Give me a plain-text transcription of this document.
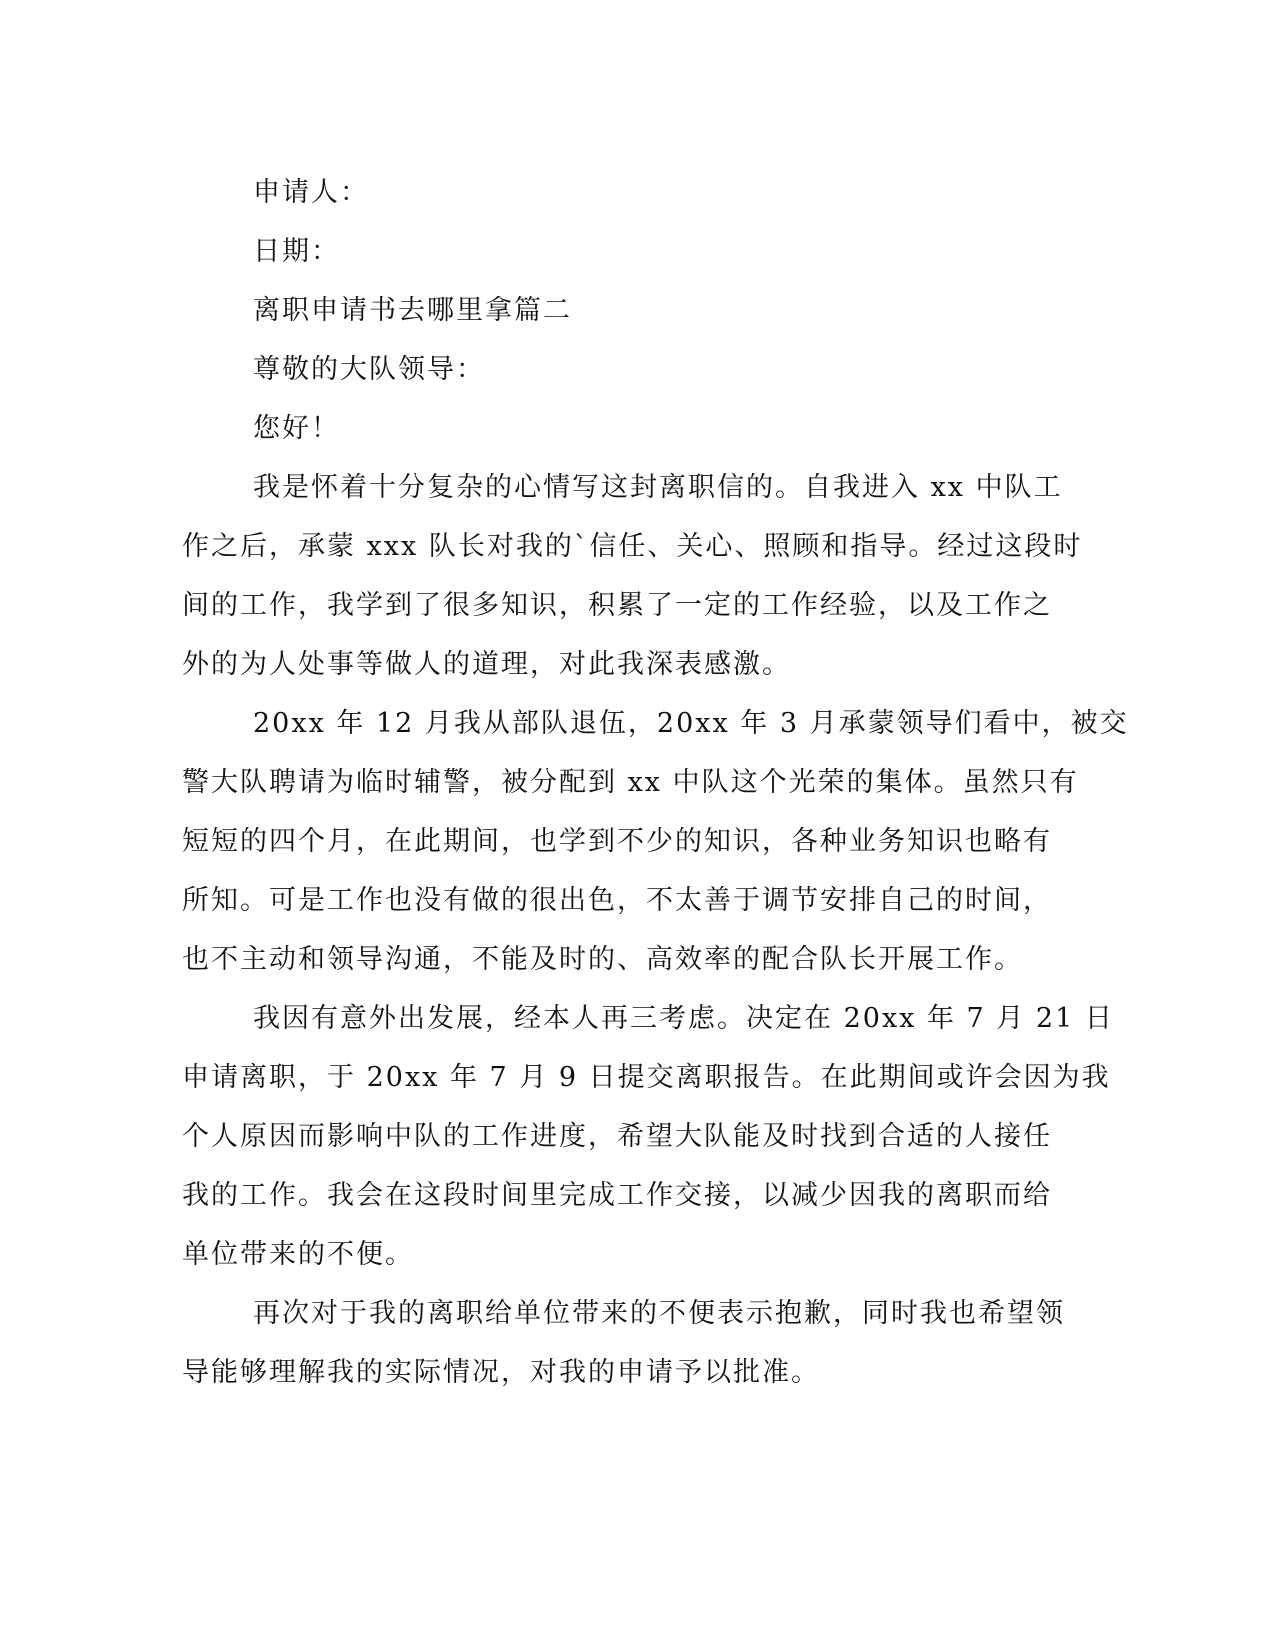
申请人：
日期：
离职申请书去哪里拿篇二
尊敬的大队领导：
您好！
我是怀着十分复杂的心情写这封离职信的。自我进入 xx 中队工
作之后，承蒙 xxx 队长对我的`信任、关心、照顾和指导。经过这段时
间的工作，我学到了很多知识，积累了一定的工作经验，以及工作之
外的为人处事等做人的道理，对此我深表感激。
20xx 年 12 月我从部队退伍，20xx 年 3 月承蒙领导们看中，被交
警大队聘请为临时辅警，被分配到 xx 中队这个光荣的集体。虽然只有
短短的四个月，在此期间，也学到不少的知识，各种业务知识也略有
所知。可是工作也没有做的很出色，不太善于调节安排自己的时间，
也不主动和领导沟通，不能及时的、高效率的配合队长开展工作。
我因有意外出发展，经本人再三考虑。决定在 20xx 年 7 月 21 日
申请离职，于 20xx 年 7 月 9 日提交离职报告。在此期间或许会因为我
个人原因而影响中队的工作进度，希望大队能及时找到合适的人接任
我的工作。我会在这段时间里完成工作交接，以减少因我的离职而给
单位带来的不便。
再次对于我的离职给单位带来的不便表示抱歉，同时我也希望领
导能够理解我的实际情况，对我的申请予以批准。
